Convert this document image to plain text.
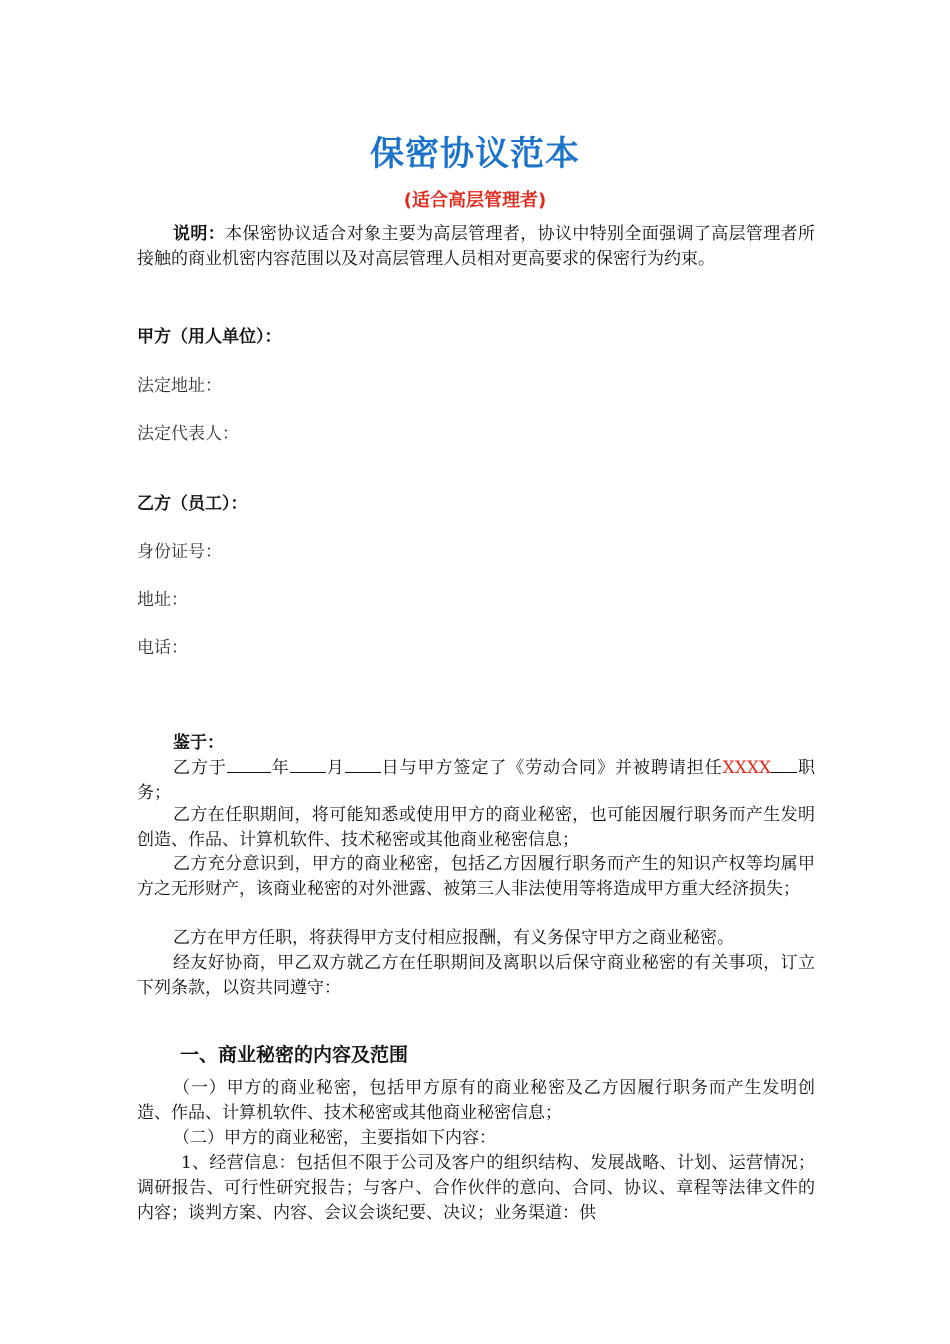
保密协议范本
(适合高层管理者)

说明：本保密协议适合对象主要为高层管理者，协议中特别全面强调了高层管理者所接触的商业机密内容范围以及对高层管理人员相对更高要求的保密行为约束。

甲方（用人单位）：
法定地址：
法定代表人：
乙方（员工）：
身份证号：
地址：
电话：
鉴于：

乙方于	年 月 日与甲方签定了《劳动合同》并被聘请担任XXXX 职务；

乙方在任职期间，将可能知悉或使用甲方的商业秘密，也可能因履行职务而产生发明创造、作品、计算机软件、技术秘密或其他商业秘密信息；

乙方充分意识到，甲方的商业秘密，包括乙方因履行职务而产生的知识产权等均属甲方之无形财产，该商业秘密的对外泄露、被第三人非法使用等将造成甲方重大经济损失；

乙方在甲方任职，将获得甲方支付相应报酬，有义务保守甲方之商业秘密。

经友好协商，甲乙双方就乙方在任职期间及离职以后保守商业秘密的有关事项，订立下列条款，以资共同遵守：

一、商业秘密的内容及范围

（一）甲方的商业秘密，包括甲方原有的商业秘密及乙方因履行职务而产生发明创造、作品、计算机软件、技术秘密或其他商业秘密信息；

（二）甲方的商业秘密，主要指如下内容：

1、经营信息：包括但不限于公司及客户的组织结构、发展战略、计划、运营情况；调研报告、可行性研究报告；与客户、合作伙伴的意向、合同、协议、章程等法律文件的内容；谈判方案、内容、会议会谈纪要、决议；业务渠道：供
